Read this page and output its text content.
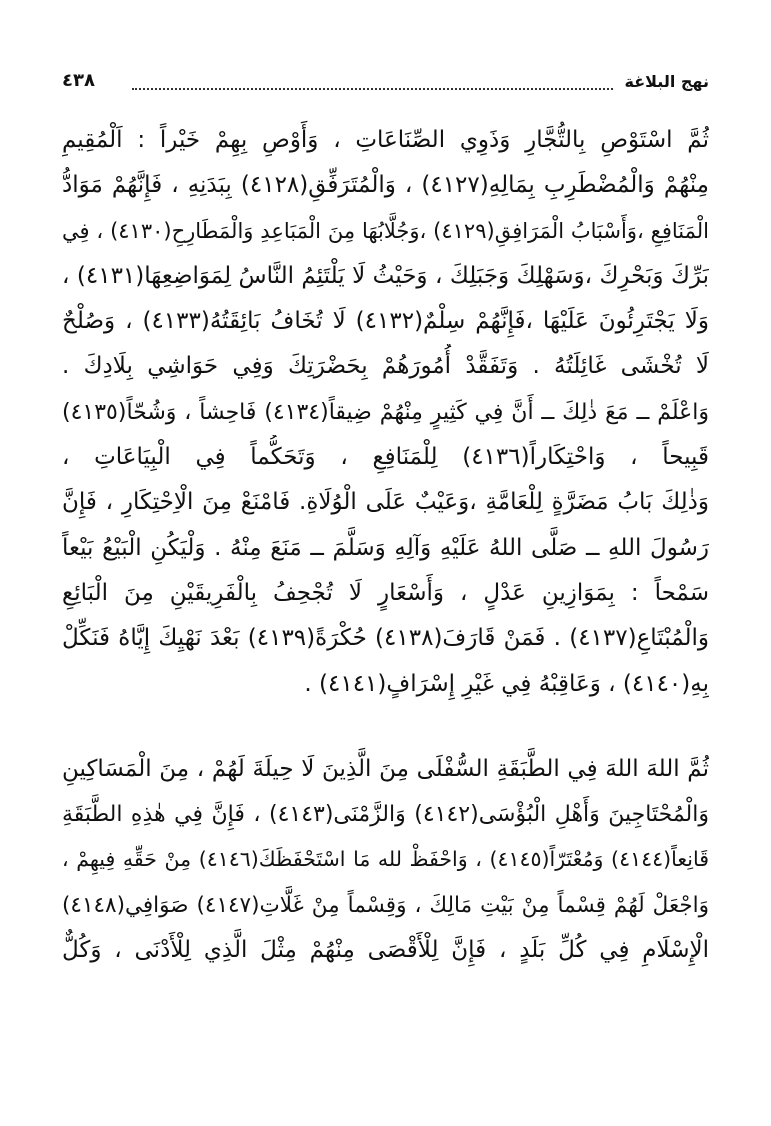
نهج البلاغة
٤٣٨
ثُمَّ اسْتَوْصِ بِالتُّجَّارِ وَذَوِي الصِّنَاعَاتِ ، وَأَوْصِ بِهِمْ خَيْراً : اَلْمُقِيمِ
مِنْهُمْ وَالْمُضْطَرِبِ بِمَالِهِ(٤١٢٧) ، وَالْمُتَرَفِّقِ(٤١٢٨) بِبَدَنِهِ ، فَإِنَّهُمْ مَوَادُّ
الْمَنَافِعِ ،وَأَسْبَابُ الْمَرَافِقِ(٤١٢٩) ،وَجُلَّابُهَا مِنَ الْمَبَاعِدِ وَالْمَطَارِحِ(٤١٣٠) ، فِي
بَرِّكَ وَبَحْرِكَ ،وَسَهْلِكَ وَجَبَلِكَ ، وَحَيْثُ لَا يَلْتَئِمُ النَّاسُ لِمَوَاضِعِهَا(٤١٣١) ،
وَلَا يَجْتَرِئُونَ عَلَيْهَا ،فَإِنَّهُمْ سِلْمٌ(٤١٣٢) لَا تُخَافُ بَائِقَتُهُ(٤١٣٣) ، وَصُلْحٌ
لَا تُخْشَى غَائِلَتُهُ . وَتَفَقَّدْ أُمُورَهُمْ بِحَضْرَتِكَ وَفِي حَوَاشِي بِلَادِكَ .
وَاعْلَمْ ــ مَعَ ذٰلِكَ ــ أَنَّ فِي كَثِيرٍ مِنْهُمْ ضِيقاً(٤١٣٤) فَاحِشاً ، وَشُحّاً(٤١٣٥)
قَبِيحاً ، وَاحْتِكَاراً(٤١٣٦) لِلْمَنَافِعِ ، وَتَحَكُّماً فِي الْبِيَاعَاتِ ،
وَذٰلِكَ بَابُ مَضَرَّةٍ لِلْعَامَّةِ ،وَعَيْبٌ عَلَى الْوُلَاةِ. فَامْنَعْ مِنَ الْاِحْتِكَارِ ، فَإِنَّ
رَسُولَ اللهِ ــ صَلَّى اللهُ عَلَيْهِ وَآلِهِ وَسَلَّمَ ــ مَنَعَ مِنْهُ . وَلْيَكُنِ الْبَيْعُ بَيْعاً
سَمْحاً : بِمَوَازِينِ عَدْلٍ ، وَأَسْعَارٍ لَا تُجْحِفُ بِالْفَرِيقَيْنِ مِنَ الْبَائِعِ
وَالْمُبْتَاعِ(٤١٣٧) . فَمَنْ قَارَفَ(٤١٣٨) حُكْرَةً(٤١٣٩) بَعْدَ نَهْيِكَ إِيَّاهُ فَنَكِّلْ
بِهِ(٤١٤٠) ، وَعَاقِبْهُ فِي غَيْرِ إِسْرَافٍ(٤١٤١) .
ثُمَّ اللهَ اللهَ فِي الطَّبَقَةِ السُّفْلَى مِنَ الَّذِينَ لَا حِيلَةَ لَهُمْ ، مِنَ الْمَسَاكِينِ
وَالْمُحْتَاجِينَ وَأَهْلِ الْبُؤْسَى(٤١٤٢) وَالزَّمْنَى(٤١٤٣) ، فَإِنَّ فِي هٰذِهِ الطَّبَقَةِ
قَانِعاً(٤١٤٤) وَمُعْتَرّاً(٤١٤٥) ، وَاحْفَظْ لله مَا اسْتَحْفَظَكَ(٤١٤٦) مِنْ حَقِّهِ فِيهِمْ ،
وَاجْعَلْ لَهُمْ قِسْماً مِنْ بَيْتِ مَالِكَ ، وَقِسْماً مِنْ غَلَّاتِ(٤١٤٧) صَوَافِي(٤١٤٨)
الْإِسْلَامِ فِي كُلِّ بَلَدٍ ، فَإِنَّ لِلْأَقْصَى مِنْهُمْ مِثْلَ الَّذِي لِلْأَدْنَى ، وَكُلٌّ
